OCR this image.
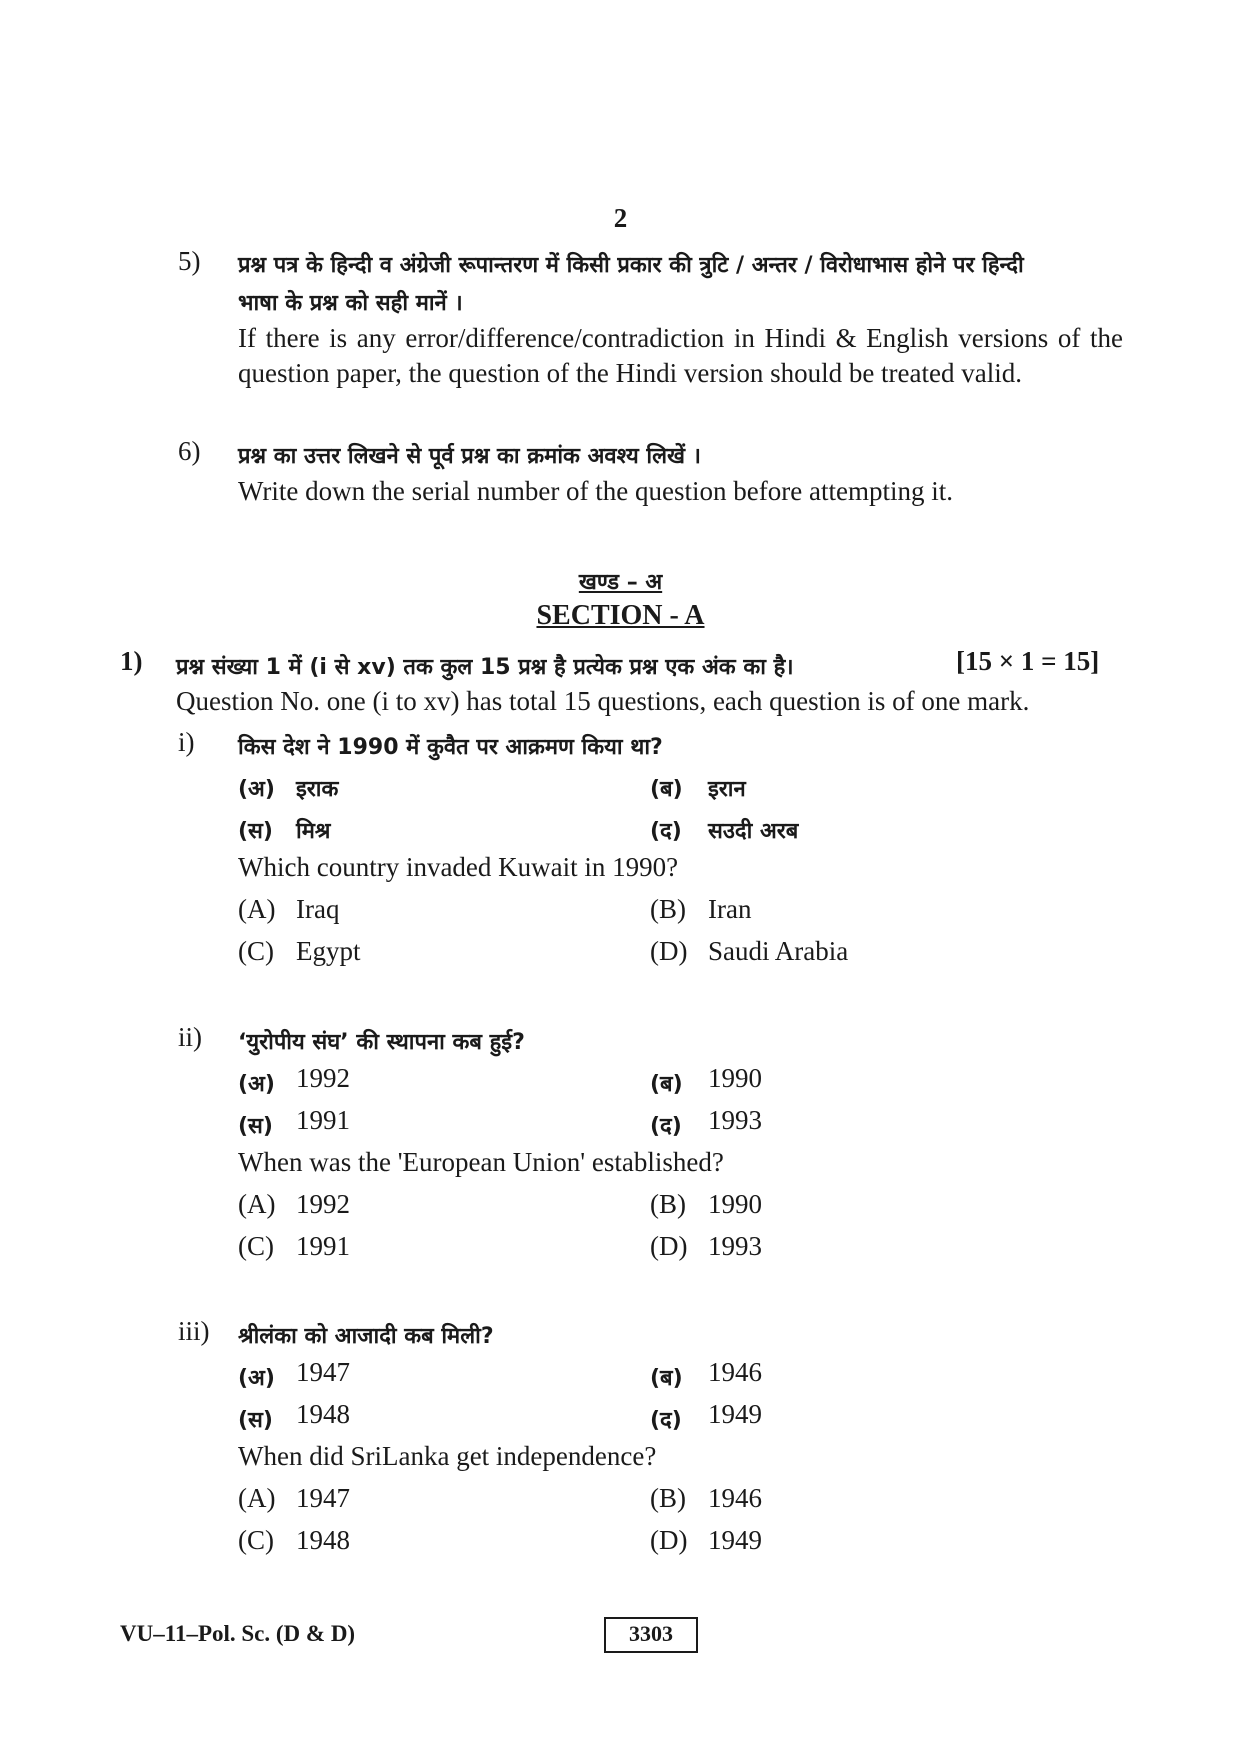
2
5) प्रश्न पत्र के हिन्दी व अंग्रेजी रूपान्तरण में किसी प्रकार की त्रुटि / अन्तर / विरोधाभास होने पर हिन्दी
भाषा के प्रश्न को सही मानें ।
If there is any error/difference/contradiction in Hindi & English versions of the question paper, the question of the Hindi version should be treated valid.
6) प्रश्न का उत्तर लिखने से पूर्व प्रश्न का क्रमांक अवश्य लिखें ।
Write down the serial number of the question before attempting it.
खण्ड – अ
SECTION - A
1) प्रश्न संख्या 1 में (i से xv) तक कुल 15 प्रश्न है प्रत्येक प्रश्न एक अंक का है।	[15 × 1 = 15]
Question No. one (i to xv) has total 15 questions, each question is of one mark.
i) किस देश ने 1990 में कुवैत पर आक्रमण किया था?
(अ) इराक	(ब) इरान
(स) मिश्र	(द) सउदी अरब
Which country invaded Kuwait in 1990?
(A) Iraq	(B) Iran
(C) Egypt	(D) Saudi Arabia
ii) ‘युरोपीय संघ’ की स्थापना कब हुई?
(अ) 1992	(ब) 1990
(स) 1991	(द) 1993
When was the 'European Union' established?
(A) 1992	(B) 1990
(C) 1991	(D) 1993
iii) श्रीलंका को आजादी कब मिली?
(अ) 1947	(ब) 1946
(स) 1948	(द) 1949
When did SriLanka get independence?
(A) 1947	(B) 1946
(C) 1948	(D) 1949
VU–11–Pol. Sc. (D & D)	3303
